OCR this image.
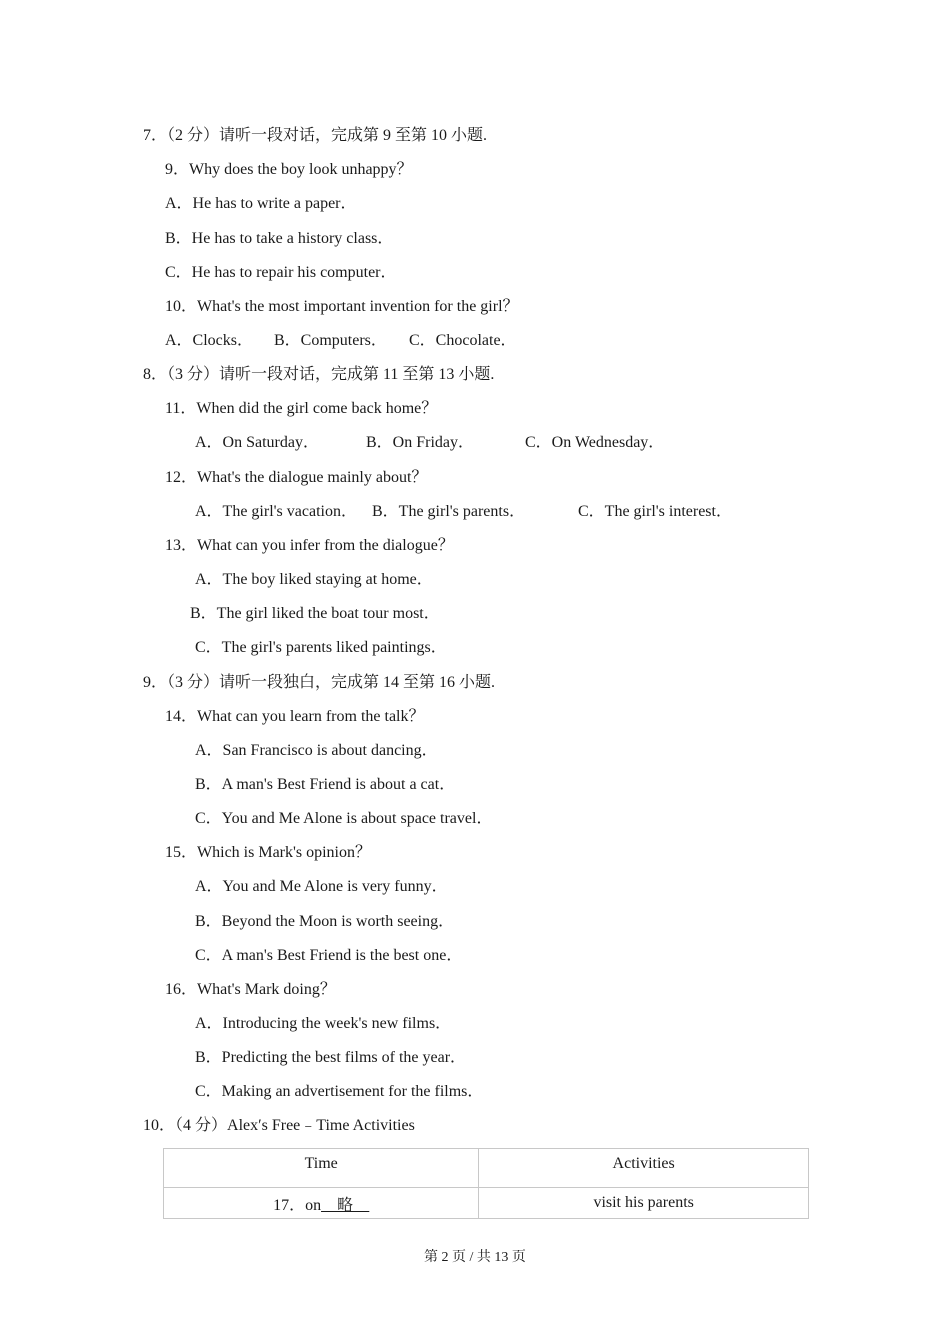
7．（2 分）请听一段对话，完成第 9 至第 10 小题.
9．Why does the boy look unhappy？
A．He has to write a paper．
B．He has to take a history class．
C．He has to repair his computer．
10．What's the most important invention for the girl？
A．Clocks． B．Computers． C．Chocolate．
8．（3 分）请听一段对话，完成第 11 至第 13 小题.
11．When did the girl come back home？
A．On Saturday．	B．On Friday．	C．On Wednesday．
12．What's the dialogue mainly about？
A．The girl's vacation． B．The girl's parents．	C．The girl's interest．
13．What can you infer from the dialogue？
A．The boy liked staying at home．
B．The girl liked the boat tour most．
C．The girl's parents liked paintings．
9．（3 分）请听一段独白，完成第 14 至第 16 小题.
14．What can you learn from the talk？
A．San Francisco is about dancing．
B．A man's Best Friend is about a cat．
C．You and Me Alone is about space travel．
15．Which is Mark's opinion？
A．You and Me Alone is very funny．
B．Beyond the Moon is worth seeing．
C．A man's Best Friend is the best one．
16．What's Mark doing？
A．Introducing the week's new films．
B．Predicting the best films of the year．
C．Making an advertisement for the films．
10．（4 分）Alex′s Free﹣Time Activities
Time	Activities
17．on__略__	visit his parents
第 2 页 / 共 13 页
